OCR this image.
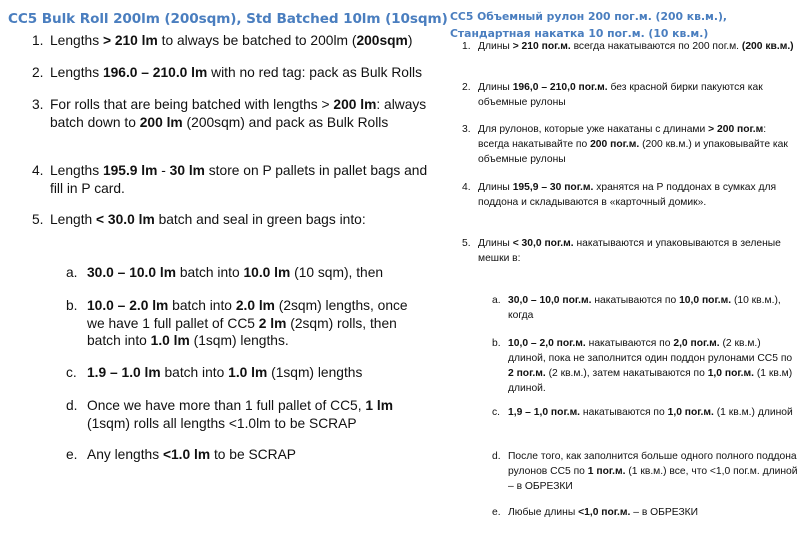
CC5 Bulk Roll 200lm (200sqm), Std Batched 10lm (10sqm)
1. Lengths > 210 lm to always be batched to 200lm (200sqm)
2. Lengths 196.0 – 210.0 lm with no red tag: pack as Bulk Rolls
3. For rolls that are being batched with lengths > 200 lm: always batch down to 200 lm (200sqm) and pack as Bulk Rolls
4. Lengths 195.9 lm - 30 lm store on P pallets in pallet bags and fill in P card.
5. Length < 30.0 lm batch and seal in green bags into:
a. 30.0 – 10.0 lm batch into 10.0 lm (10 sqm), then
b. 10.0 – 2.0 lm batch into 2.0 lm (2sqm) lengths, once we have 1 full pallet of CC5 2 lm (2sqm) rolls, then batch into 1.0 lm (1sqm) lengths.
c. 1.9 – 1.0 lm batch into 1.0 lm (1sqm) lengths
d. Once we have more than 1 full pallet of CC5, 1 lm (1sqm) rolls all lengths <1.0lm to be SCRAP
e. Any lengths <1.0 lm to be SCRAP
CC5 Объемный рулон 200 пог.м. (200 кв.м.), Стандартная накатка 10 пог.м. (10 кв.м.)
1. Длины > 210 пог.м. всегда накатываются по 200 пог.м. (200 кв.м.)
2. Длины 196,0 – 210,0 пог.м. без красной бирки пакуются как объемные рулоны
3. Для рулонов, которые уже накатаны с длинами > 200 пог.м: всегда накатывайте по 200 пог.м. (200 кв.м.) и упаковывайте как объемные рулоны
4. Длины 195,9 – 30 пог.м. хранятся на Р поддонах в сумках для поддона и складываются в «карточный домик».
5. Длины < 30,0 пог.м. накатываются и упаковываются в зеленые мешки в:
a. 30,0 – 10,0 пог.м. накатываются по 10,0 пог.м. (10 кв.м.), когда
b. 10,0 – 2,0 пог.м. накатываются по 2,0 пог.м. (2 кв.м.) длиной, пока не заполнится один поддон рулонами CC5 по 2 пог.м. (2 кв.м.), затем накатываются по 1,0 пог.м. (1 кв.м) длиной.
c. 1,9 – 1,0 пог.м. накатываются по 1,0 пог.м. (1 кв.м.) длиной
d. После того, как заполнится больше одного полного поддона рулонов CC5 по 1 пог.м. (1 кв.м.) все, что <1,0 пог.м. длиной – в ОБРЕЗКИ
e. Любые длины <1,0 пог.м. – в ОБРЕЗКИ
